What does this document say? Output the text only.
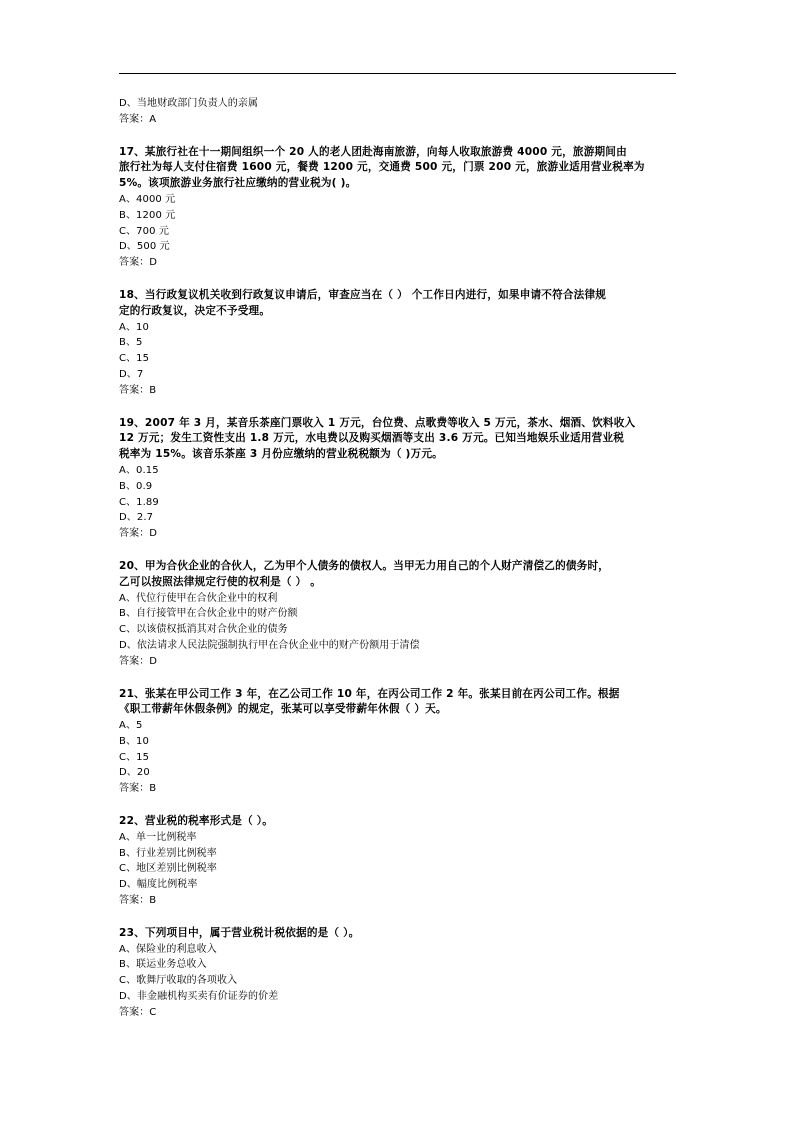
D、当地财政部门负责人的亲属
答案：A
17、某旅行社在十一期间组织一个 20 人的老人团赴海南旅游，向每人收取旅游费 4000 元，旅游期间由
旅行社为每人支付住宿费 1600 元，餐费 1200 元，交通费 500 元，门票 200 元，旅游业适用营业税率为
5%。该项旅游业务旅行社应缴纳的营业税为( )。
A、4000 元
B、1200 元
C、700 元
D、500 元
答案：D
18、当行政复议机关收到行政复议申请后，审查应当在（ ） 个工作日内进行，如果申请不符合法律规
定的行政复议，决定不予受理。
A、10
B、5
C、15
D、7
答案：B
19、2007 年 3 月，某音乐茶座门票收入 1 万元，台位费、点歌费等收入 5 万元，茶水、烟酒、饮料收入
12 万元；发生工资性支出 1.8 万元，水电费以及购买烟酒等支出 3.6 万元。已知当地娱乐业适用营业税
税率为 15%。该音乐茶座 3 月份应缴纳的营业税税额为（ )万元。
A、0.15
B、0.9
C、1.89
D、2.7
答案：D
20、甲为合伙企业的合伙人，乙为甲个人债务的债权人。当甲无力用自己的个人财产清偿乙的债务时，
乙可以按照法律规定行使的权利是（ ） 。
A、代位行使甲在合伙企业中的权利
B、自行接管甲在合伙企业中的财产份额
C、以该债权抵消其对合伙企业的债务
D、依法请求人民法院强制执行甲在合伙企业中的财产份额用于清偿
答案：D
21、张某在甲公司工作 3 年，在乙公司工作 10 年，在丙公司工作 2 年。张某目前在丙公司工作。根据
《职工带薪年休假条例》的规定，张某可以享受带薪年休假（ ）天。
A、5
B、10
C、15
D、20
答案：B
22、营业税的税率形式是（ ）。
A、单一比例税率
B、行业差别比例税率
C、地区差别比例税率
D、幅度比例税率
答案：B
23、下列项目中，属于营业税计税依据的是（ ）。
A、保险业的利息收入
B、联运业务总收入
C、歌舞厅收取的各项收入
D、非金融机构买卖有价证券的价差
答案：C
